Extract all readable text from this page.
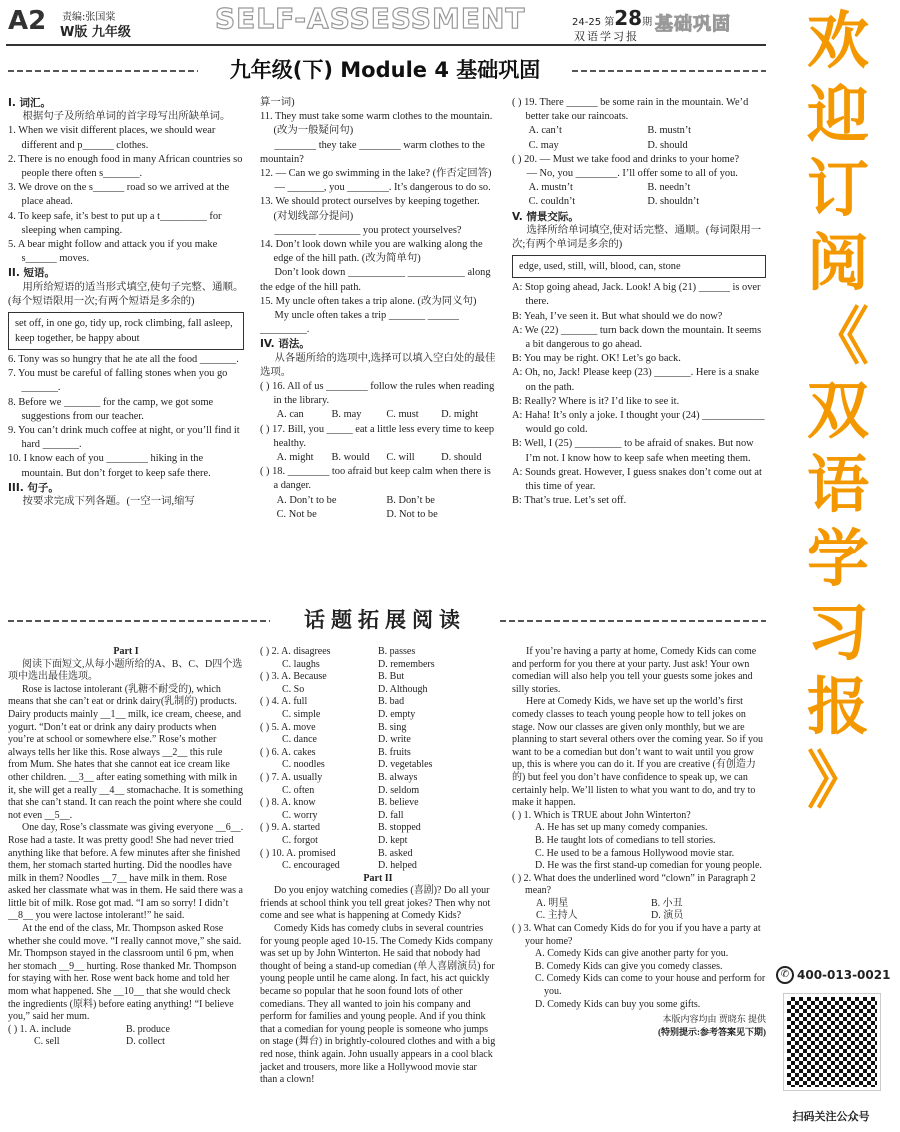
A2 责编:张国棠
W版 九年级	SELF-ASSESSMENT	24-25 第28期
双语学习报
基础巩固
九年级(下) Module 4 基础巩固
I. 词汇。
根据句子及所给单词的首字母写出所缺单词。
1. When we visit different places, we should wear different and p______ clothes.
2. There is no enough food in many African countries so people there often s_______.
3. We drove on the s______ road so we arrived at the place ahead.
4. To keep safe, it’s best to put up a t_________ for sleeping when camping.
5. A bear might follow and attack you if you make s______ moves.
II. 短语。
用所给短语的适当形式填空,使句子完整、通顺。(每个短语限用一次;有两个短语是多余的)
set off, in one go, tidy up, rock climbing, fall asleep, keep together, be happy about
6. Tony was so hungry that he ate all the food _______.
7. You must be careful of falling stones when you go _______.
8. Before we _______ for the camp, we got some suggestions from our teacher.
9. You can’t drink much coffee at night, or you’ll find it hard _______.
10. I know each of you ________ hiking in the mountain. But don’t forget to keep safe there.
III. 句子。
按要求完成下列各题。(一空一词,缩写
算一词)
11. They must take some warm clothes to the mountain. (改为一般疑问句)
________ they take ________ warm clothes to the mountain?
12. — Can we go swimming in the lake? (作否定回答)
— _______, you ________. It’s dangerous to do so.
13. We should protect ourselves by keeping together. (对划线部分提问)
________ ________ you protect yourselves?
14. Don’t look down while you are walking along the edge of the hill path. (改为简单句)
Don’t look down ___________ ___________ along the edge of the hill path.
15. My uncle often takes a trip alone. (改为同义句)
My uncle often takes a trip _______ ______ _________.
IV. 语法。
从各题所给的选项中,选择可以填入空白处的最佳选项。
( ) 16. All of us ________ follow the rules when reading in the library.
A. can	B. may	C. must	D. might
( ) 17. Bill, you _____ eat a little less every time to keep healthy.
A. might	B. would	C. will	D. should
( ) 18. ________ too afraid but keep calm when there is a danger.
A. Don’t to be	B. Don’t be
C. Not be	D. Not to be
( ) 19. There ______ be some rain in the mountain. We’d better take our raincoats.
A. can’t	B. mustn’t
C. may	D. should
( ) 20. — Must we take food and drinks to your home?
— No, you ________. I’ll offer some to all of you.
A. mustn’t	B. needn’t
C. couldn’t	D. shouldn’t
V. 情景交际。
选择所给单词填空,使对话完整、通顺。(每词限用一次;有两个单词是多余的)
edge, used, still, will, blood, can, stone
A: Stop going ahead, Jack. Look! A big (21) ______ is over there.
B: Yeah, I’ve seen it. But what should we do now?
A: We (22) _______ turn back down the mountain. It seems a bit dangerous to go ahead.
B: You may be right. OK! Let’s go back.
A: Oh, no, Jack! Please keep (23) _______. Here is a snake on the path.
B: Really? Where is it? I’d like to see it.
A: Haha! It’s only a joke. I thought your (24) ____________ would go cold.
B: Well, I (25) _________ to be afraid of snakes. But now I’m not. I know how to keep safe when meeting them.
A: Sounds great. However, I guess snakes don’t come out at this time of year.
B: That’s true. Let’s set off.
话题拓展阅读
Part I
阅读下面短文,从每小题所给的A、B、C、D四个选项中选出最佳选项。
Rose is lactose intolerant (乳糖不耐受的), which means that she can’t eat or drink dairy(乳制的) products. Dairy products mainly __1__ milk, ice cream, cheese, and yogurt. “Don’t eat or drink any dairy products when you’re at school or somewhere else.” Rose’s mother always tells her like this. Rose always __2__ this rule from Mum. She hates that she cannot eat ice cream like other children. __3__ after eating something with milk in it, she will get a really __4__ stomachache. It is something that she can’t stand. It can reach the point where she could not even __5__.
One day, Rose’s classmate was giving everyone __6__. Rose had a taste. It was pretty good! She had never tried anything like that before. A few minutes after she finished them, her stomach started hurting. Did the noodles have milk in them? Noodles __7__ have milk in them. Rose asked her classmate what was in them. He said there was a little bit of milk. Rose got mad. “I am so sorry! I didn’t __8__ you were lactose intolerant!” he said.
At the end of the class, Mr. Thompson asked Rose whether she could move. “I really cannot move,” she said. Mr. Thompson stayed in the classroom until 6 pm, when her stomach __9__ hurting. Rose thanked Mr. Thompson for staying with her. Rose went back home and told her mom what happened. She __10__ that she would check the ingredients (原料) before eating anything! “I believe you,” said her mum.
( ) 1. A. include	B. produce
C. sell	D. collect
( ) 2. A. disagrees	B. passes
C. laughs	D. remembers
( ) 3. A. Because	B. But
C. So	D. Although
( ) 4. A. full	B. bad
C. simple	D. empty
( ) 5. A. move	B. sing
C. dance	D. write
( ) 6. A. cakes	B. fruits
C. noodles	D. vegetables
( ) 7. A. usually	B. always
C. often	D. seldom
( ) 8. A. know	B. believe
C. worry	D. fall
( ) 9. A. started	B. stopped
C. forgot	D. kept
( ) 10. A. promised	B. asked
C. encouraged	D. helped
Part II
Do you enjoy watching comedies (喜剧)? Do all your friends at school think you tell great jokes? Then why not come and see what is happening at Comedy Kids?
Comedy Kids has comedy clubs in several countries for young people aged 10-15. The Comedy Kids company was set up by John Winterton. He said that nobody had thought of being a stand-up comedian (单人喜剧演员) for young people until he came along. In fact, his act quickly became so popular that he soon found lots of other comedians. They all wanted to join his company and perform for families and young people. And if you think that a comedian for young people is someone who jumps on stage (舞台) in brightly-coloured clothes and with a big red nose, think again. John usually appears in a cool black jacket and trousers, more like a Hollywood movie star than a clown!
If you’re having a party at home, Comedy Kids can come and perform for you there at your party. Just ask! Your own comedian will also help you tell your guests some jokes and silly stories.
Here at Comedy Kids, we have set up the world’s first comedy classes to teach young people how to tell jokes on stage. Now our classes are given only monthly, but we are planning to start several others over the coming year. So if you want to be a comedian but don’t want to wait until you grow up, this is where you can do it. If you are creative (有创造力的) but feel you don’t have confidence to speak up, we can certainly help. We’ll listen to what you want to do, and try to make it happen.
( ) 1. Which is TRUE about John Winterton?
A. He has set up many comedy companies.
B. He taught lots of comedians to tell stories.
C. He used to be a famous Hollywood movie star.
D. He was the first stand-up comedian for young people.
( ) 2. What does the underlined word “clown” in Paragraph 2 mean?
A. 明星	B. 小丑
C. 主持人	D. 演员
( ) 3. What can Comedy Kids do for you if you have a party at your home?
A. Comedy Kids can give another party for you.
B. Comedy Kids can give you comedy classes.
C. Comedy Kids can come to your house and perform for you.
D. Comedy Kids can buy you some gifts.
本版内容均由 贾晓东 提供
(特别提示:参考答案见下期)
欢
迎
订
阅
《
双
语
学
习
报
》
✆ 400-013-0021
扫码关注公众号
